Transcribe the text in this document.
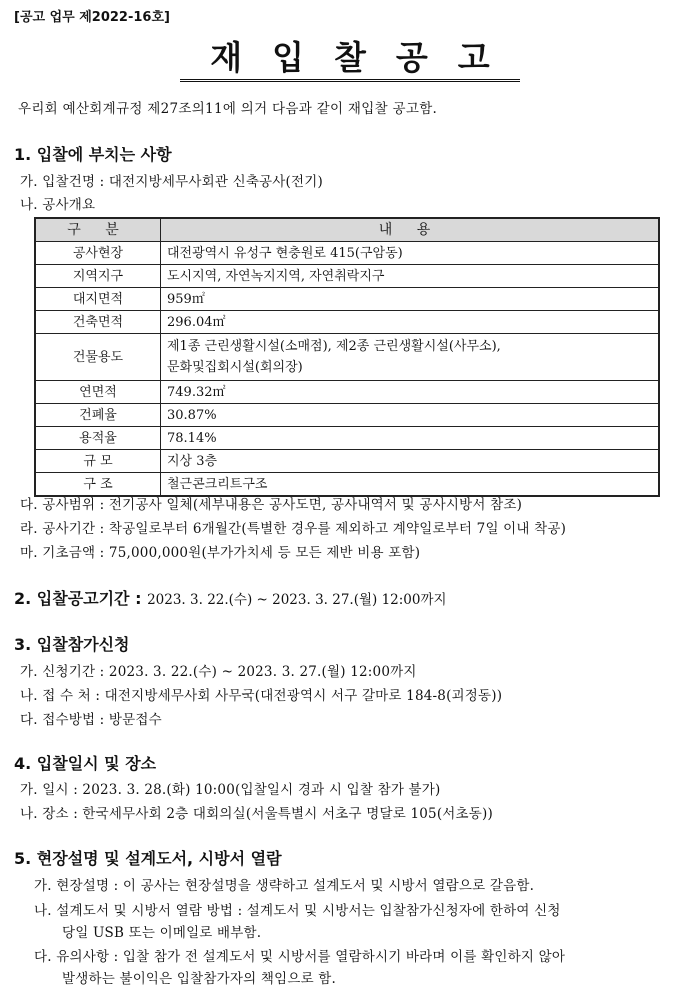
[공고 업무 제2022-16호]
재입찰공고
우리회 예산회계규정 제27조의11에 의거 다음과 같이 재입찰 공고함.
1. 입찰에 부치는 사항
가. 입찰건명 : 대전지방세무사회관 신축공사(전기)
나. 공사개요
구 분	내 용
공사현장	대전광역시 유성구 현충원로 415(구암동)
지역지구	도시지역, 자연녹지지역, 자연취락지구
대지면적	959㎡
건축면적	296.04㎡
건물용도	제1종 근린생활시설(소매점), 제2종 근린생활시설(사무소),
문화및집회시설(회의장)

연면적	749.32㎡
건폐율	30.87%
용적율	78.14%
규 모	지상 3층
구 조	철근콘크리트구조
다. 공사범위 : 전기공사 일체(세부내용은 공사도면, 공사내역서 및 공사시방서 참조)
라. 공사기간 : 착공일로부터 6개월간(특별한 경우를 제외하고 계약일로부터 7일 이내 착공)
마. 기초금액 : 75,000,000원(부가가치세 등 모든 제반 비용 포함)
2. 입찰공고기간 : 2023. 3. 22.(수) ~ 2023. 3. 27.(월) 12:00까지
3. 입찰참가신청
가. 신청기간 : 2023. 3. 22.(수) ~ 2023. 3. 27.(월) 12:00까지
나. 접 수 처 : 대전지방세무사회 사무국(대전광역시 서구 갈마로 184-8(괴정동))
다. 접수방법 : 방문접수
4. 입찰일시 및 장소
가. 일시 : 2023. 3. 28.(화) 10:00(입찰일시 경과 시 입찰 참가 불가)
나. 장소 : 한국세무사회 2층 대회의실(서울특별시 서초구 명달로 105(서초동))
5. 현장설명 및 설계도서, 시방서 열람
가. 현장설명 : 이 공사는 현장설명을 생략하고 설계도서 및 시방서 열람으로 갈음함.
나. 설계도서 및 시방서 열람 방법 : 설계도서 및 시방서는 입찰참가신청자에 한하여 신청
당일 USB 또는 이메일로 배부함.
다. 유의사항 : 입찰 참가 전 설계도서 및 시방서를 열람하시기 바라며 이를 확인하지 않아
발생하는 불이익은 입찰참가자의 책임으로 함.
